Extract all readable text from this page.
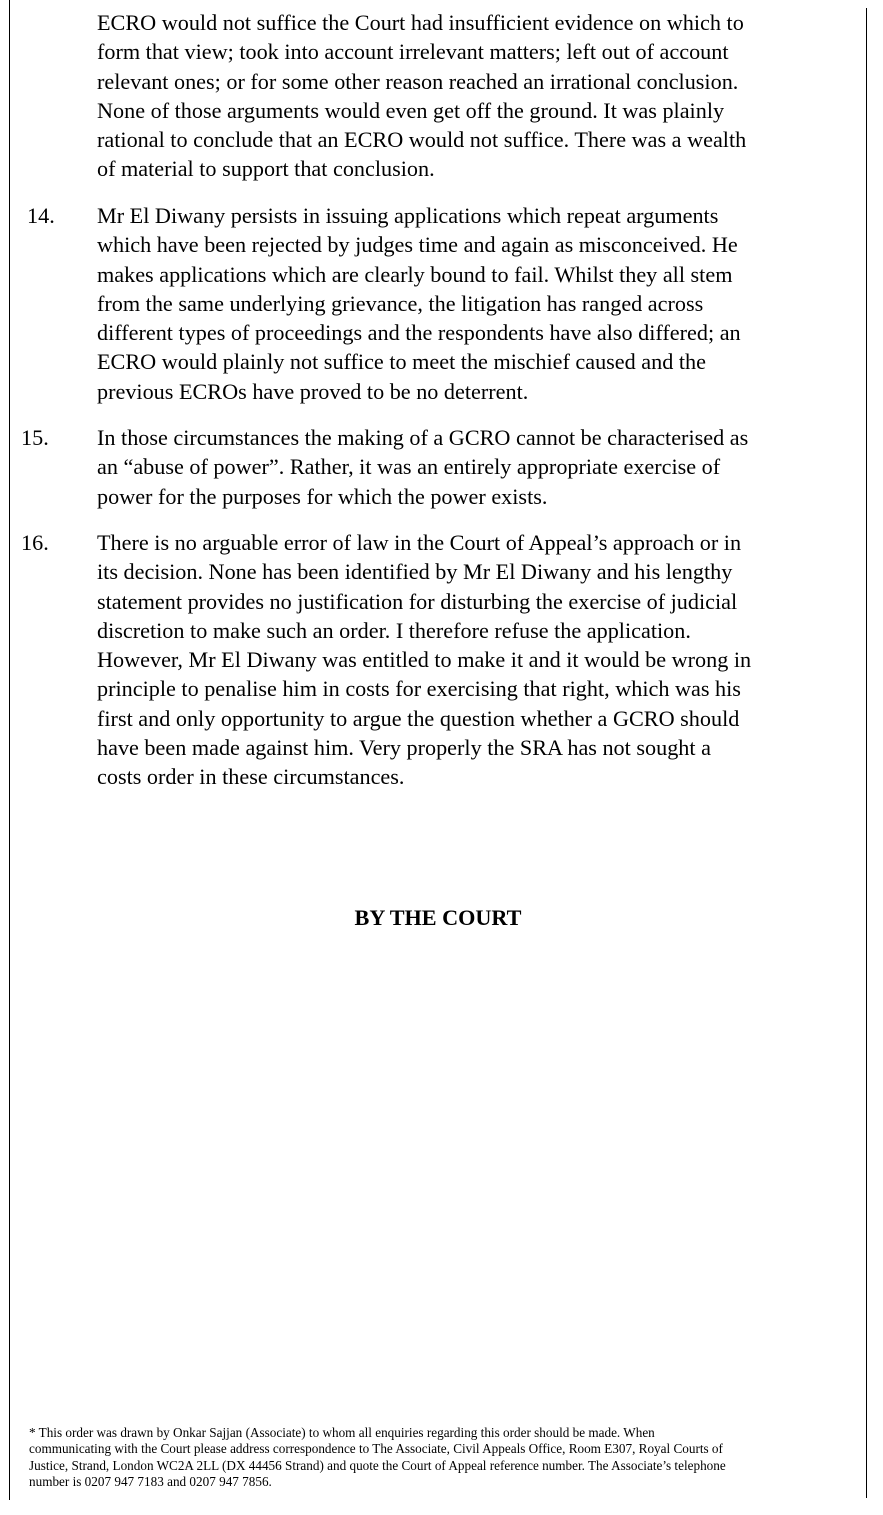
ECRO would not suffice the Court had insufficient evidence on which to
form that view; took into account irrelevant matters; left out of account
relevant ones; or for some other reason reached an irrational conclusion.
None of those arguments would even get off the ground. It was plainly
rational to conclude that an ECRO would not suffice. There was a wealth
of material to support that conclusion.
14. Mr El Diwany persists in issuing applications which repeat arguments
which have been rejected by judges time and again as misconceived. He
makes applications which are clearly bound to fail. Whilst they all stem
from the same underlying grievance, the litigation has ranged across
different types of proceedings and the respondents have also differed; an
ECRO would plainly not suffice to meet the mischief caused and the
previous ECROs have proved to be no deterrent.
15. In those circumstances the making of a GCRO cannot be characterised as
an “abuse of power”. Rather, it was an entirely appropriate exercise of
power for the purposes for which the power exists.
16. There is no arguable error of law in the Court of Appeal’s approach or in
its decision. None has been identified by Mr El Diwany and his lengthy
statement provides no justification for disturbing the exercise of judicial
discretion to make such an order. I therefore refuse the application.
However, Mr El Diwany was entitled to make it and it would be wrong in
principle to penalise him in costs for exercising that right, which was his
first and only opportunity to argue the question whether a GCRO should
have been made against him. Very properly the SRA has not sought a
costs order in these circumstances.
BY THE COURT
* This order was drawn by Onkar Sajjan (Associate) to whom all enquiries regarding this order should be made. When
communicating with the Court please address correspondence to The Associate, Civil Appeals Office, Room E307, Royal Courts of
Justice, Strand, London WC2A 2LL (DX 44456 Strand) and quote the Court of Appeal reference number. The Associate’s telephone
number is 0207 947 7183 and 0207 947 7856.
